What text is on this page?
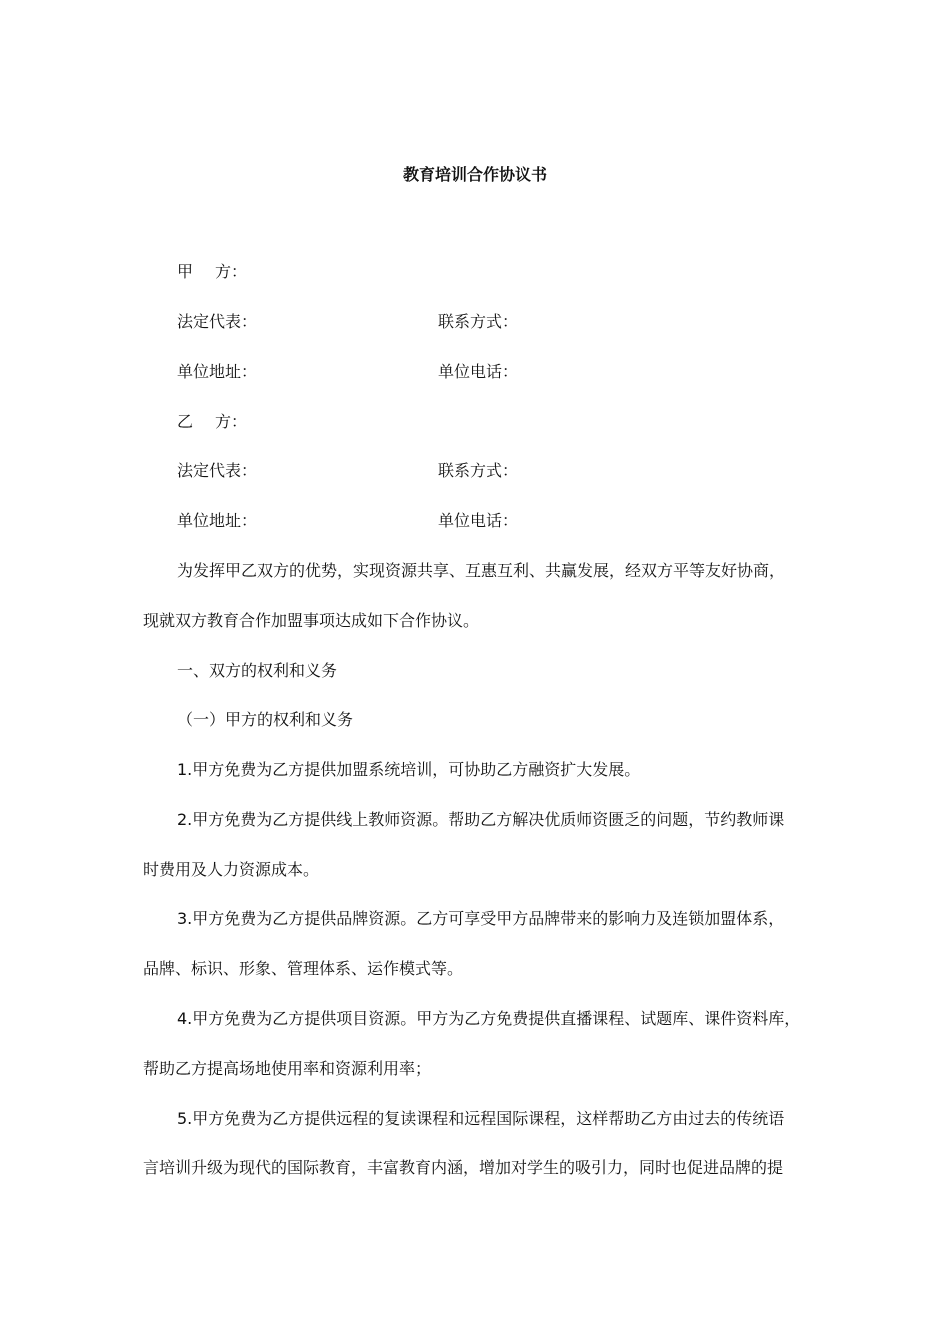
教育培训合作协议书
甲 方：
法定代表：	联系方式：
单位地址：	单位电话：
乙 方：
法定代表：	联系方式：
单位地址：	单位电话：
为发挥甲乙双方的优势，实现资源共享、互惠互利、共赢发展，经双方平等友好协商，
现就双方教育合作加盟事项达成如下合作协议。
一、双方的权利和义务
（一）甲方的权利和义务
1.甲方免费为乙方提供加盟系统培训，可协助乙方融资扩大发展。
2.甲方免费为乙方提供线上教师资源。帮助乙方解决优质师资匮乏的问题，节约教师课
时费用及人力资源成本。
3.甲方免费为乙方提供品牌资源。乙方可享受甲方品牌带来的影响力及连锁加盟体系，
品牌、标识、形象、管理体系、运作模式等。
4.甲方免费为乙方提供项目资源。甲方为乙方免费提供直播课程、试题库、课件资料库，
帮助乙方提高场地使用率和资源利用率；
5.甲方免费为乙方提供远程的复读课程和远程国际课程，这样帮助乙方由过去的传统语
言培训升级为现代的国际教育，丰富教育内涵，增加对学生的吸引力，同时也促进品牌的提
